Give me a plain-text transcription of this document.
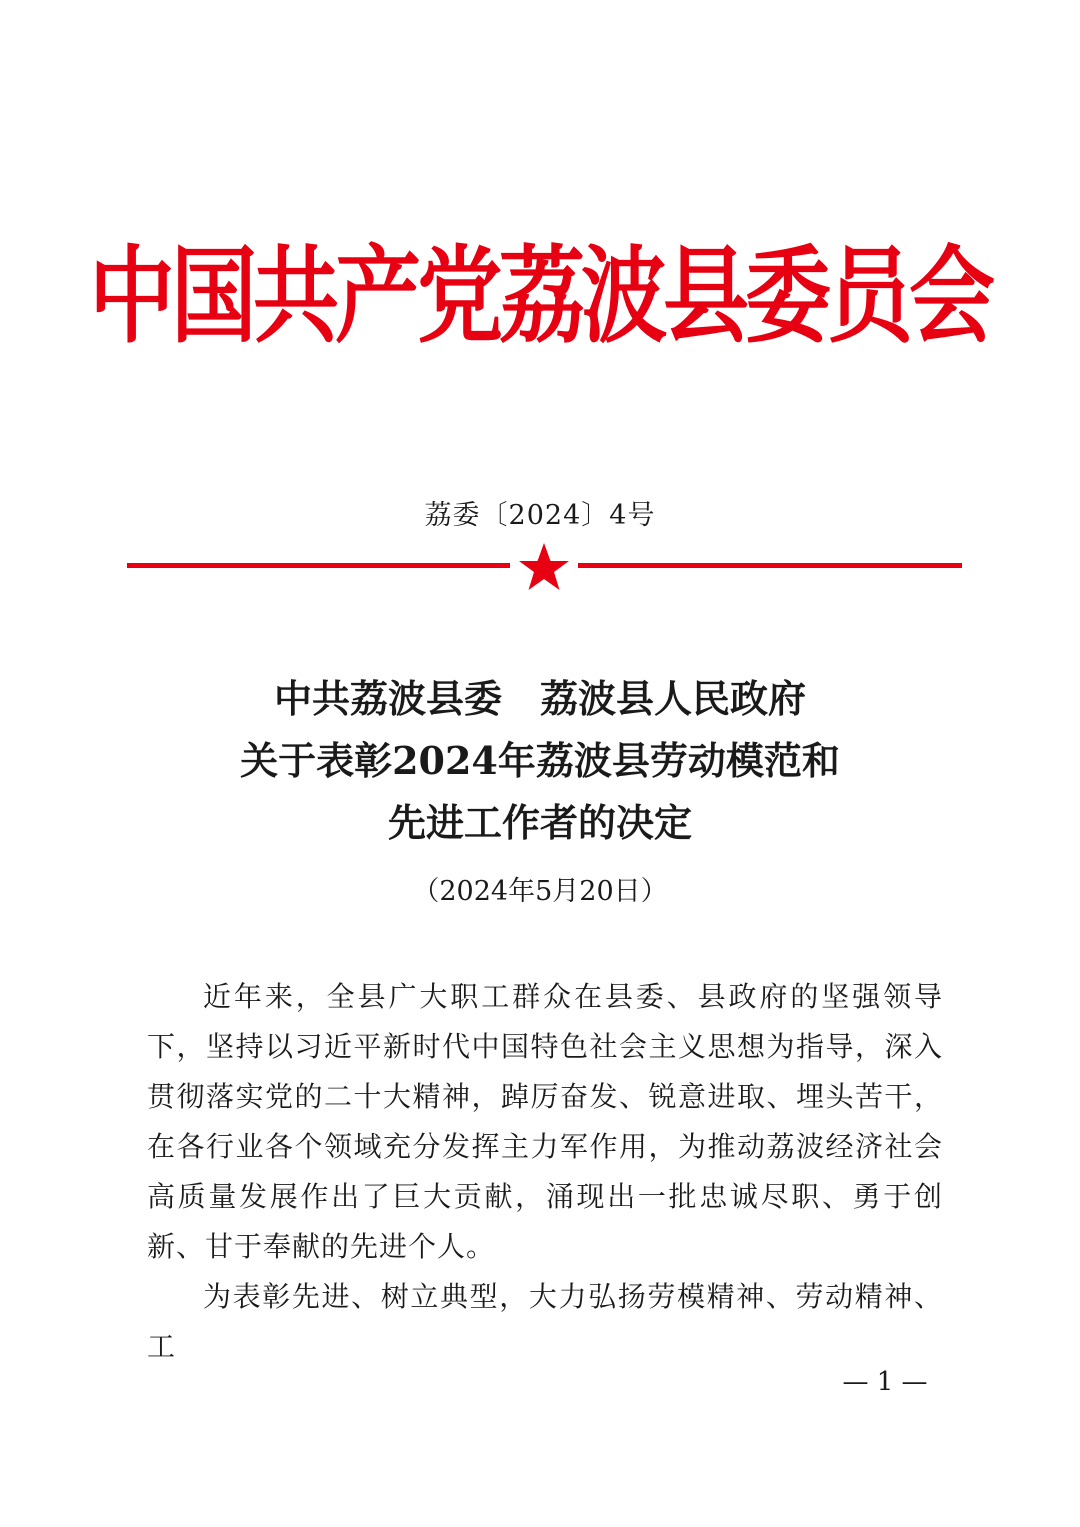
中国共产党荔波县委员会
荔委〔2024〕4号
中共荔波县委　荔波县人民政府
关于表彰2024年荔波县劳动模范和
先进工作者的决定
（2024年5月20日）

近年来，全县广大职工群众在县委、县政府的坚强领导下，坚持以习近平新时代中国特色社会主义思想为指导，深入贯彻落实党的二十大精神，踔厉奋发、锐意进取、埋头苦干，在各行业各个领域充分发挥主力军作用，为推动荔波经济社会高质量发展作出了巨大贡献，涌现出一批忠诚尽职、勇于创新、甘于奉献的先进个人。

为表彰先进、树立典型，大力弘扬劳模精神、劳动精神、工

— 1 —
